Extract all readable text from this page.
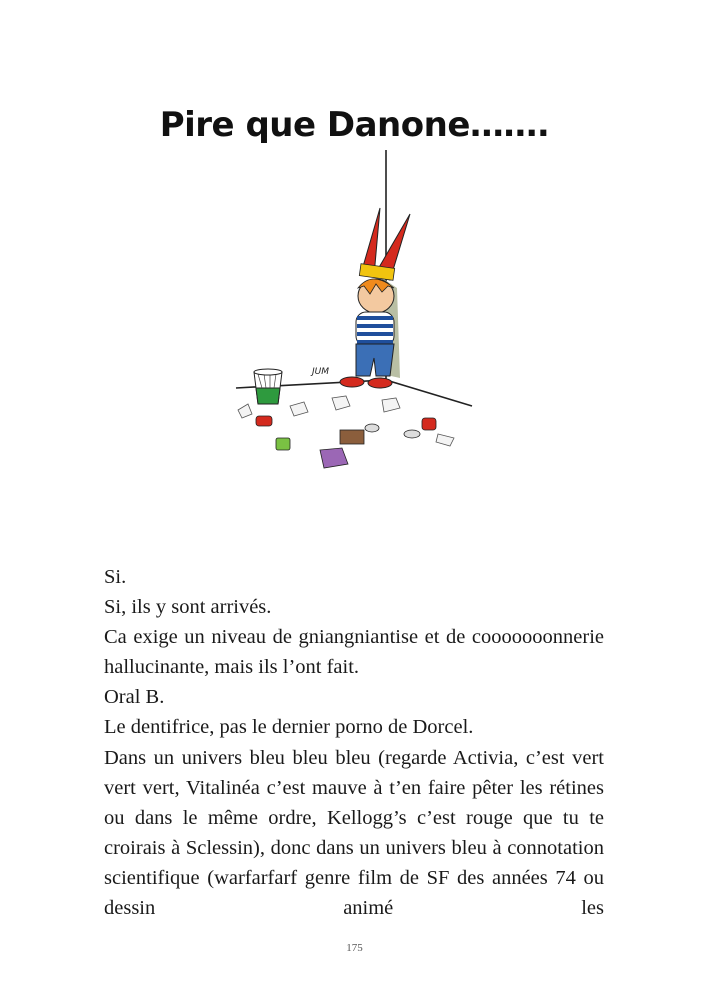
Pire que Danone…….
JUM

Si.

Si, ils y sont arrivés.

Ca exige un niveau de gniangniantise et de cooooooonnerie hallucinante, mais ils l’ont fait.

Oral B.

Le dentifrice, pas le dernier porno de Dorcel.

Dans un univers bleu bleu bleu (regarde Activia, c’est vert vert vert, Vitalinéa c’est mauve à t’en faire pêter les rétines ou dans le même ordre, Kellogg’s c’est rouge que tu te croirais à Sclessin), donc dans un univers bleu à connotation scientifique (warfarfarf genre film de SF des années 74 ou dessin animé les

175
